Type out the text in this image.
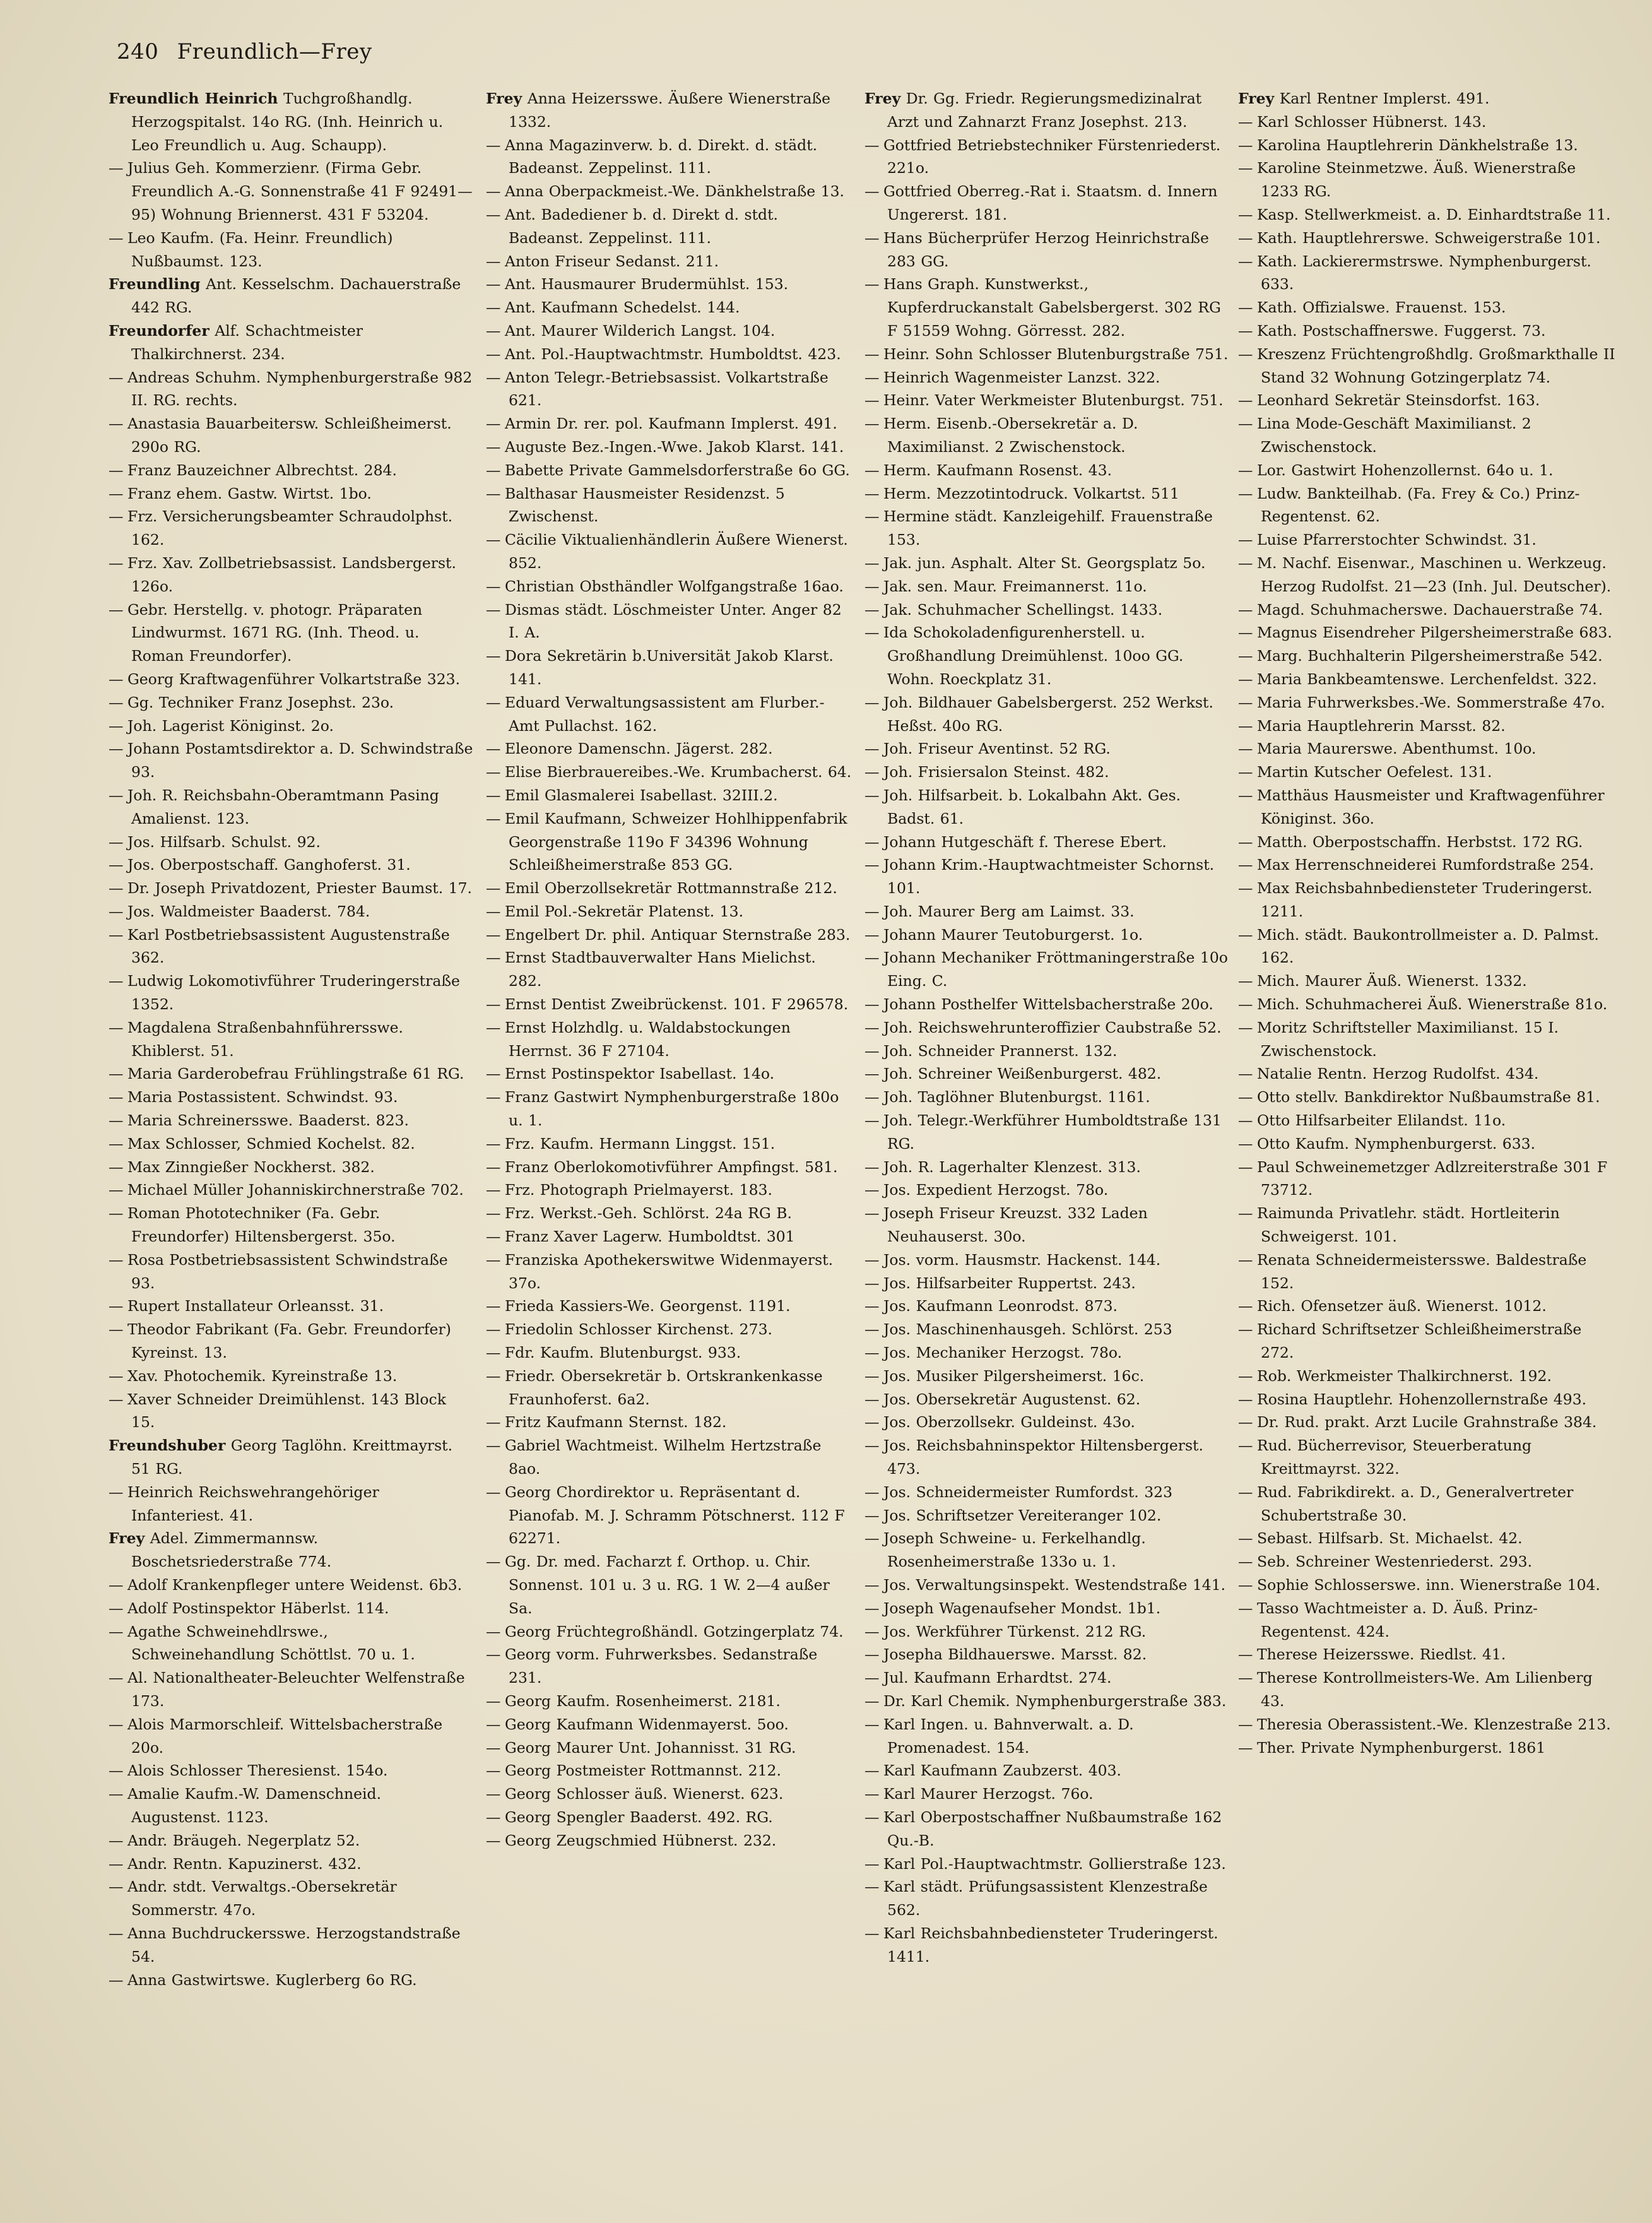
240 Freundlich—Frey
Freundlich Heinrich Tuchgroßhandlg. Herzogspitalst. 14o RG. (Inh. Heinrich u. Leo Freundlich u. Aug. Schaupp).
— Julius Geh. Kommerzienr. (Firma Gebr. Freundlich A.-G. Sonnenstraße 41 F 92491—95) Wohnung Briennerst. 431 F 53204.
— Leo Kaufm. (Fa. Heinr. Freundlich) Nußbaumst. 123.
Freundling Ant. Kesselschm. Dachauerstraße 442 RG.
Freundorfer Alf. Schachtmeister Thalkirchnerst. 234.
— Andreas Schuhm. Nymphenburgerstraße 982 II. RG. rechts.
— Anastasia Bauarbeitersw. Schleißheimerst. 290o RG.
— Franz Bauzeichner Albrechtst. 284.
— Franz ehem. Gastw. Wirtst. 1bo.
— Frz. Versicherungsbeamter Schraudolphst. 162.
— Frz. Xav. Zollbetriebsassist. Landsbergerst. 126o.
— Gebr. Herstellg. v. photogr. Präparaten Lindwurmst. 1671 RG. (Inh. Theod. u. Roman Freundorfer).
— Georg Kraftwagenführer Volkartstraße 323.
— Gg. Techniker Franz Josephst. 23o.
— Joh. Lagerist Königinst. 2o.
— Johann Postamtsdirektor a. D. Schwindstraße 93.
— Joh. R. Reichsbahn-Oberamtmann Pasing Amalienst. 123.
— Jos. Hilfsarb. Schulst. 92.
— Jos. Oberpostschaff. Ganghoferst. 31.
— Dr. Joseph Privatdozent, Priester Baumst. 17.
— Jos. Waldmeister Baaderst. 784.
— Karl Postbetriebsassistent Augustenstraße 362.
— Ludwig Lokomotivführer Truderingerstraße 1352.
— Magdalena Straßenbahnführersswe. Khiblerst. 51.
— Maria Garderobefrau Frühlingstraße 61 RG.
— Maria Postassistent. Schwindst. 93.
— Maria Schreinersswe. Baaderst. 823.
— Max Schlosser, Schmied Kochelst. 82.
— Max Zinngießer Nockherst. 382.
— Michael Müller Johanniskirchnerstraße 702.
— Roman Phototechniker (Fa. Gebr. Freundorfer) Hiltensbergerst. 35o.
— Rosa Postbetriebsassistent Schwindstraße 93.
— Rupert Installateur Orleansst. 31.
— Theodor Fabrikant (Fa. Gebr. Freundorfer) Kyreinst. 13.
— Xav. Photochemik. Kyreinstraße 13.
— Xaver Schneider Dreimühlenst. 143 Block 15.
Freundshuber Georg Taglöhn. Kreittmayrst. 51 RG.
— Heinrich Reichswehrangehöriger Infanteriest. 41.
Frey Adel. Zimmermannsw. Boschetsriederstraße 774.
— Adolf Krankenpfleger untere Weidenst. 6b3.
— Adolf Postinspektor Häberlst. 114.
— Agathe Schweinehdlrswe., Schweinehandlung Schöttlst. 70 u. 1.
— Al. Nationaltheater-Beleuchter Welfenstraße 173.
— Alois Marmorschleif. Wittelsbacherstraße 20o.
— Alois Schlosser Theresienst. 154o.
— Amalie Kaufm.-W. Damenschneid. Augustenst. 1123.
— Andr. Bräugeh. Negerplatz 52.
— Andr. Rentn. Kapuzinerst. 432.
— Andr. stdt. Verwaltgs.-Obersekretär Sommerstr. 47o.
— Anna Buchdruckersswe. Herzogstandstraße 54.
— Anna Gastwirtswe. Kuglerberg 6o RG.
Frey Anna Heizersswe. Äußere Wienerstraße 1332.
— Anna Magazinverw. b. d. Direkt. d. städt. Badeanst. Zeppelinst. 111.
— Anna Oberpackmeist.-We. Dänkhelstraße 13.
— Ant. Badediener b. d. Direkt d. stdt. Badeanst. Zeppelinst. 111.
— Anton Friseur Sedanst. 211.
— Ant. Hausmaurer Brudermühlst. 153.
— Ant. Kaufmann Schedelst. 144.
— Ant. Maurer Wilderich Langst. 104.
— Ant. Pol.-Hauptwachtmstr. Humboldtst. 423.
— Anton Telegr.-Betriebsassist. Volkartstraße 621.
— Armin Dr. rer. pol. Kaufmann Implerst. 491.
— Auguste Bez.-Ingen.-Wwe. Jakob Klarst. 141.
— Babette Private Gammelsdorferstraße 6o GG.
— Balthasar Hausmeister Residenzst. 5 Zwischenst.
— Cäcilie Viktualienhändlerin Äußere Wienerst. 852.
— Christian Obsthändler Wolfgangstraße 16ao.
— Dismas städt. Löschmeister Unter. Anger 82 I. A.
— Dora Sekretärin b.Universität Jakob Klarst. 141.
— Eduard Verwaltungsassistent am Flurber.-Amt Pullachst. 162.
— Eleonore Damenschn. Jägerst. 282.
— Elise Bierbrauereibes.-We. Krumbacherst. 64.
— Emil Glasmalerei Isabellast. 32III.2.
— Emil Kaufmann, Schweizer Hohlhippenfabrik Georgenstraße 119o F 34396 Wohnung Schleißheimerstraße 853 GG.
— Emil Oberzollsekretär Rottmannstraße 212.
— Emil Pol.-Sekretär Platenst. 13.
— Engelbert Dr. phil. Antiquar Sternstraße 283.
— Ernst Stadtbauverwalter Hans Mielichst. 282.
— Ernst Dentist Zweibrückenst. 101. F 296578.
— Ernst Holzhdlg. u. Waldabstockungen Herrnst. 36 F 27104.
— Ernst Postinspektor Isabellast. 14o.
— Franz Gastwirt Nymphenburgerstraße 180o u. 1.
— Frz. Kaufm. Hermann Linggst. 151.
— Franz Oberlokomotivführer Ampfingst. 581.
— Frz. Photograph Prielmayerst. 183.
— Frz. Werkst.-Geh. Schlörst. 24a RG B.
— Franz Xaver Lagerw. Humboldtst. 301
— Franziska Apothekerswitwe Widenmayerst. 37o.
— Frieda Kassiers-We. Georgenst. 1191.
— Friedolin Schlosser Kirchenst. 273.
— Fdr. Kaufm. Blutenburgst. 933.
— Friedr. Obersekretär b. Ortskrankenkasse Fraunhoferst. 6a2.
— Fritz Kaufmann Sternst. 182.
— Gabriel Wachtmeist. Wilhelm Hertzstraße 8ao.
— Georg Chordirektor u. Repräsentant d. Pianofab. M. J. Schramm Pötschnerst. 112 F 62271.
— Gg. Dr. med. Facharzt f. Orthop. u. Chir. Sonnenst. 101 u. 3 u. RG. 1 W. 2—4 außer Sa.
— Georg Früchtegroßhändl. Gotzingerplatz 74.
— Georg vorm. Fuhrwerksbes. Sedanstraße 231.
— Georg Kaufm. Rosenheimerst. 2181.
— Georg Kaufmann Widenmayerst. 5oo.
— Georg Maurer Unt. Johannisst. 31 RG.
— Georg Postmeister Rottmannst. 212.
— Georg Schlosser äuß. Wienerst. 623.
— Georg Spengler Baaderst. 492. RG.
— Georg Zeugschmied Hübnerst. 232.
Frey Dr. Gg. Friedr. Regierungsmedizinalrat Arzt und Zahnarzt Franz Josephst. 213.
— Gottfried Betriebstechniker Fürstenriederst. 221o.
— Gottfried Oberreg.-Rat i. Staatsm. d. Innern Ungererst. 181.
— Hans Bücherprüfer Herzog Heinrichstraße 283 GG.
— Hans Graph. Kunstwerkst., Kupferdruckanstalt Gabelsbergerst. 302 RG F 51559 Wohng. Görresst. 282.
— Heinr. Sohn Schlosser Blutenburgstraße 751.
— Heinrich Wagenmeister Lanzst. 322.
— Heinr. Vater Werkmeister Blutenburgst. 751.
— Herm. Eisenb.-Obersekretär a. D. Maximilianst. 2 Zwischenstock.
— Herm. Kaufmann Rosenst. 43.
— Herm. Mezzotintodruck. Volkartst. 511
— Hermine städt. Kanzleigehilf. Frauenstraße 153.
— Jak. jun. Asphalt. Alter St. Georgsplatz 5o.
— Jak. sen. Maur. Freimannerst. 11o.
— Jak. Schuhmacher Schellingst. 1433.
— Ida Schokoladenfigurenherstell. u. Großhandlung Dreimühlenst. 10oo GG. Wohn. Roeckplatz 31.
— Joh. Bildhauer Gabelsbergerst. 252 Werkst. Heßst. 40o RG.
— Joh. Friseur Aventinst. 52 RG.
— Joh. Frisiersalon Steinst. 482.
— Joh. Hilfsarbeit. b. Lokalbahn Akt. Ges. Badst. 61.
— Johann Hutgeschäft f. Therese Ebert.
— Johann Krim.-Hauptwachtmeister Schornst. 101.
— Joh. Maurer Berg am Laimst. 33.
— Johann Maurer Teutoburgerst. 1o.
— Johann Mechaniker Fröttmaningerstraße 10o Eing. C.
— Johann Posthelfer Wittelsbacherstraße 20o.
— Joh. Reichswehrunteroffizier Caubstraße 52.
— Joh. Schneider Prannerst. 132.
— Joh. Schreiner Weißenburgerst. 482.
— Joh. Taglöhner Blutenburgst. 1161.
— Joh. Telegr.-Werkführer Humboldtstraße 131 RG.
— Joh. R. Lagerhalter Klenzest. 313.
— Jos. Expedient Herzogst. 78o.
— Joseph Friseur Kreuzst. 332 Laden Neuhauserst. 30o.
— Jos. vorm. Hausmstr. Hackenst. 144.
— Jos. Hilfsarbeiter Ruppertst. 243.
— Jos. Kaufmann Leonrodst. 873.
— Jos. Maschinenhausgeh. Schlörst. 253
— Jos. Mechaniker Herzogst. 78o.
— Jos. Musiker Pilgersheimerst. 16c.
— Jos. Obersekretär Augustenst. 62.
— Jos. Oberzollsekr. Guldeinst. 43o.
— Jos. Reichsbahninspektor Hiltensbergerst. 473.
— Jos. Schneidermeister Rumfordst. 323
— Jos. Schriftsetzer Vereiteranger 102.
— Joseph Schweine- u. Ferkelhandlg. Rosenheimerstraße 133o u. 1.
— Jos. Verwaltungsinspekt. Westendstraße 141.
— Joseph Wagenaufseher Mondst. 1b1.
— Jos. Werkführer Türkenst. 212 RG.
— Josepha Bildhauerswe. Marsst. 82.
— Jul. Kaufmann Erhardtst. 274.
— Dr. Karl Chemik. Nymphenburgerstraße 383.
— Karl Ingen. u. Bahnverwalt. a. D. Promenadest. 154.
— Karl Kaufmann Zaubzerst. 403.
— Karl Maurer Herzogst. 76o.
— Karl Oberpostschaffner Nußbaumstraße 162 Qu.-B.
— Karl Pol.-Hauptwachtmstr. Gollierstraße 123.
— Karl städt. Prüfungsassistent Klenzestraße 562.
— Karl Reichsbahnbediensteter Truderingerst. 1411.
Frey Karl Rentner Implerst. 491.
— Karl Schlosser Hübnerst. 143.
— Karolina Hauptlehrerin Dänkhelstraße 13.
— Karoline Steinmetzwe. Äuß. Wienerstraße 1233 RG.
— Kasp. Stellwerkmeist. a. D. Einhardtstraße 11.
— Kath. Hauptlehrerswe. Schweigerstraße 101.
— Kath. Lackierermstrswe. Nymphenburgerst. 633.
— Kath. Offizialswe. Frauenst. 153.
— Kath. Postschaffnerswe. Fuggerst. 73.
— Kreszenz Früchtengroßhdlg. Großmarkthalle II Stand 32 Wohnung Gotzingerplatz 74.
— Leonhard Sekretär Steinsdorfst. 163.
— Lina Mode-Geschäft Maximilianst. 2 Zwischenstock.
— Lor. Gastwirt Hohenzollernst. 64o u. 1.
— Ludw. Bankteilhab. (Fa. Frey & Co.) Prinz-Regentenst. 62.
— Luise Pfarrerstochter Schwindst. 31.
— M. Nachf. Eisenwar., Maschinen u. Werkzeug. Herzog Rudolfst. 21—23 (Inh. Jul. Deutscher).
— Magd. Schuhmacherswe. Dachauerstraße 74.
— Magnus Eisendreher Pilgersheimerstraße 683.
— Marg. Buchhalterin Pilgersheimerstraße 542.
— Maria Bankbeamtenswe. Lerchenfeldst. 322.
— Maria Fuhrwerksbes.-We. Sommerstraße 47o.
— Maria Hauptlehrerin Marsst. 82.
— Maria Maurerswe. Abenthumst. 10o.
— Martin Kutscher Oefelest. 131.
— Matthäus Hausmeister und Kraftwagenführer Königinst. 36o.
— Matth. Oberpostschaffn. Herbstst. 172 RG.
— Max Herrenschneiderei Rumfordstraße 254.
— Max Reichsbahnbediensteter Truderingerst. 1211.
— Mich. städt. Baukontrollmeister a. D. Palmst. 162.
— Mich. Maurer Äuß. Wienerst. 1332.
— Mich. Schuhmacherei Äuß. Wienerstraße 81o.
— Moritz Schriftsteller Maximilianst. 15 I. Zwischenstock.
— Natalie Rentn. Herzog Rudolfst. 434.
— Otto stellv. Bankdirektor Nußbaumstraße 81.
— Otto Hilfsarbeiter Elilandst. 11o.
— Otto Kaufm. Nymphenburgerst. 633.
— Paul Schweinemetzger Adlzreiterstraße 301 F 73712.
— Raimunda Privatlehr. städt. Hortleiterin Schweigerst. 101.
— Renata Schneidermeistersswe. Baldestraße 152.
— Rich. Ofensetzer äuß. Wienerst. 1012.
— Richard Schriftsetzer Schleißheimerstraße 272.
— Rob. Werkmeister Thalkirchnerst. 192.
— Rosina Hauptlehr. Hohenzollernstraße 493.
— Dr. Rud. prakt. Arzt Lucile Grahnstraße 384.
— Rud. Bücherrevisor, Steuerberatung Kreittmayrst. 322.
— Rud. Fabrikdirekt. a. D., Generalvertreter Schubertstraße 30.
— Sebast. Hilfsarb. St. Michaelst. 42.
— Seb. Schreiner Westenriederst. 293.
— Sophie Schlosserswe. inn. Wienerstraße 104.
— Tasso Wachtmeister a. D. Äuß. Prinz-Regentenst. 424.
— Therese Heizersswe. Riedlst. 41.
— Therese Kontrollmeisters-We. Am Lilienberg 43.
— Theresia Oberassistent.-We. Klenzestraße 213.
— Ther. Private Nymphenburgerst. 1861
